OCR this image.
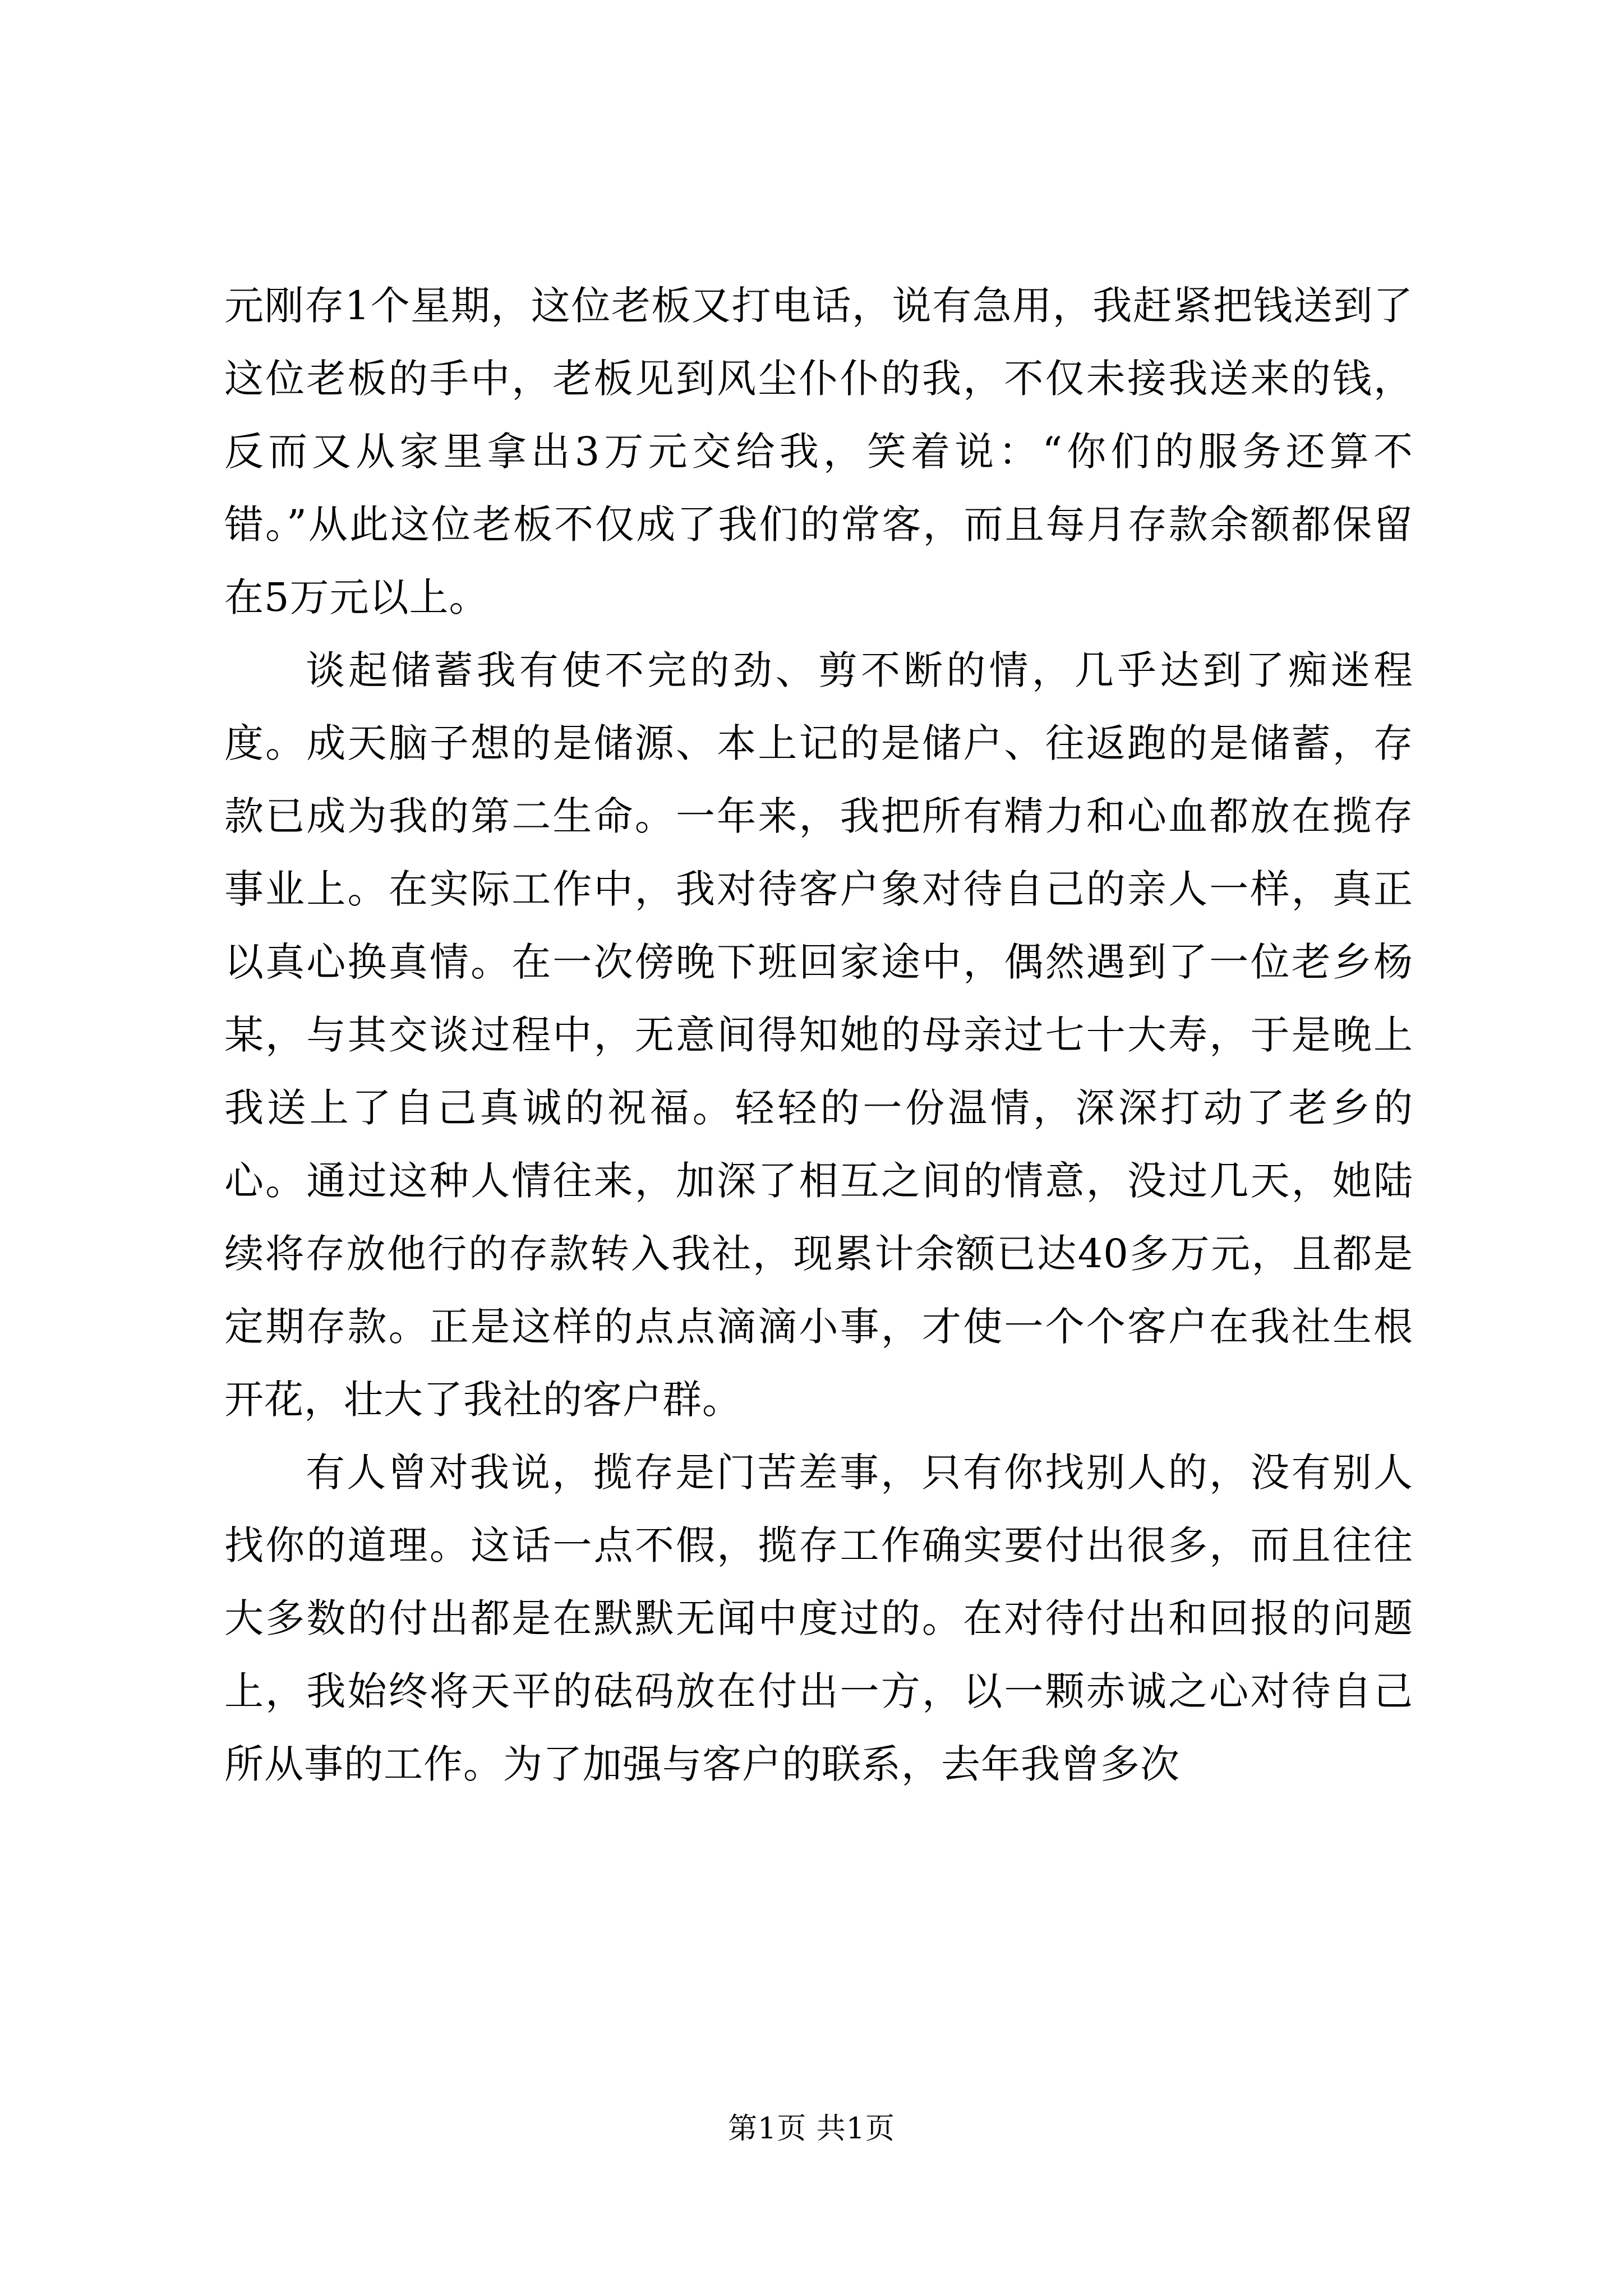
元刚存1个星期，这位老板又打电话，说有急用，我赶紧把钱送到了这位老板的手中，老板见到风尘仆仆的我，不仅未接我送来的钱，反而又从家里拿出3万元交给我，笑着说：“你们的服务还算不错。”从此这位老板不仅成了我们的常客，而且每月存款余额都保留在5万元以上。

谈起储蓄我有使不完的劲、剪不断的情，几乎达到了痴迷程度。成天脑子想的是储源、本上记的是储户、往返跑的是储蓄，存款已成为我的第二生命。一年来，我把所有精力和心血都放在揽存事业上。在实际工作中，我对待客户象对待自己的亲人一样，真正以真心换真情。在一次傍晚下班回家途中，偶然遇到了一位老乡杨某，与其交谈过程中，无意间得知她的母亲过七十大寿，于是晚上我送上了自己真诚的祝福。轻轻的一份温情，深深打动了老乡的心。通过这种人情往来，加深了相互之间的情意，没过几天，她陆续将存放他行的存款转入我社，现累计余额已达40多万元，且都是定期存款。正是这样的点点滴滴小事，才使一个个客户在我社生根开花，壮大了我社的客户群。

有人曾对我说，揽存是门苦差事，只有你找别人的，没有别人找你的道理。这话一点不假，揽存工作确实要付出很多，而且往往大多数的付出都是在默默无闻中度过的。在对待付出和回报的问题上，我始终将天平的砝码放在付出一方，以一颗赤诚之心对待自己所从事的工作。为了加强与客户的联系，去年我曾多次

第1页 共1页
